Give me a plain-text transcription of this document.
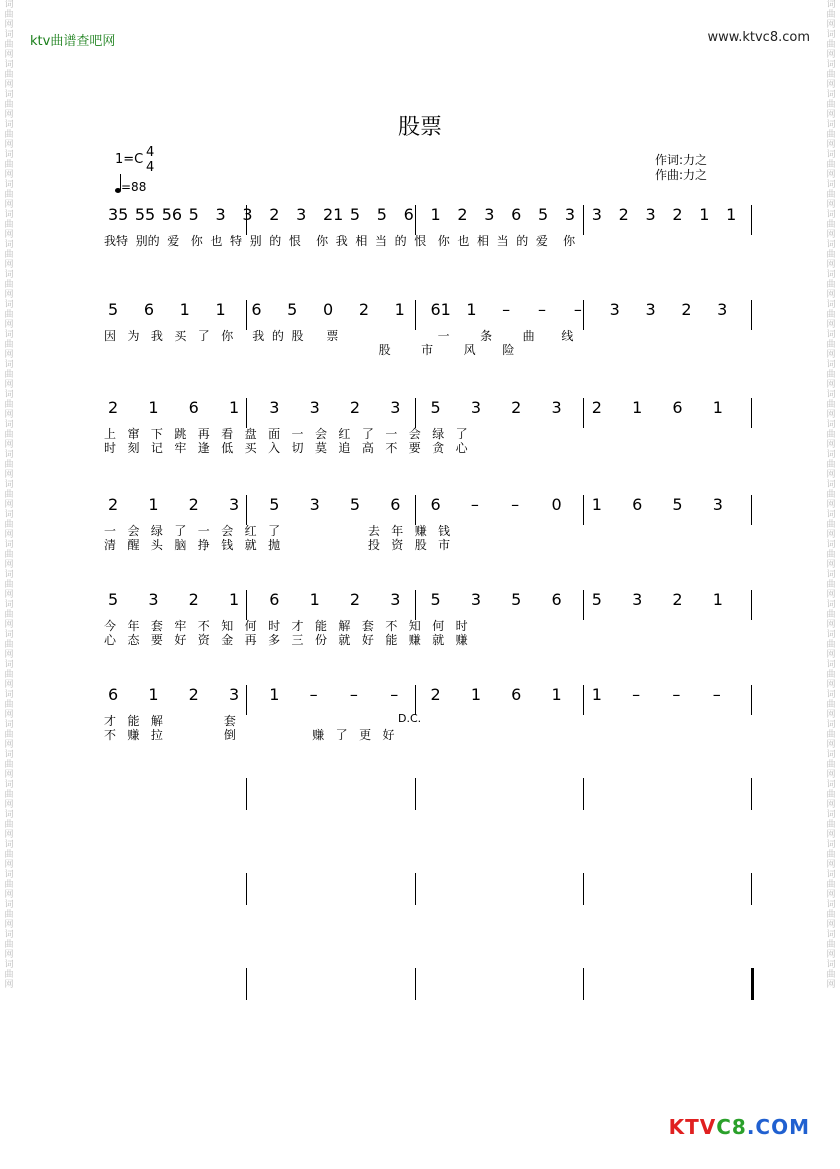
词曲网词曲网词曲网词曲网词曲网词曲网词曲网词曲网词曲网词曲网词曲网词曲网词曲网词曲网词曲网词曲网词曲网词曲网词曲网词曲网词曲网词曲网词曲网词曲网词曲网词曲网词曲网词曲网词曲网词曲网词曲网词曲网词曲网
词曲网词曲网词曲网词曲网词曲网词曲网词曲网词曲网词曲网词曲网词曲网词曲网词曲网词曲网词曲网词曲网词曲网词曲网词曲网词曲网词曲网词曲网词曲网词曲网词曲网词曲网词曲网词曲网词曲网词曲网词曲网词曲网词曲网
ktv曲谱查吧网	www.ktvc8.com
股票
1=C 4
4
=88
作词:力之
作曲:力之
35 55 56 5 3 3 2 3 21 5 5 6 1 2 3 6 5 3 3 2 3 2 1 1
我特  别的  爱   你  也  特  别  的  恨    你  我  相  当  的  恨   你  也  相  当  的  爱    你
5 6 1 1 6 5 0 2 1 61 1 – – – 3 3 2 3
因   为   我   买   了   你     我  的  股      票                          一        条        曲       线
股        市        风       险
2 1 6 1 3 3 2 3 5 3 2 3 2 1 6 1
上   窜   下   跳   再   看   盘   面   一   会   红   了   一   会   绿   了
时   刻   记   牢   逢   低   买   入   切   莫   追   高   不   要   贪   心
2 1 2 3 5 3 5 6 6 – – 0 1 6 5 3
一   会   绿   了   一   会   红   了                       去   年   赚   钱
清   醒   头   脑   挣   钱   就   抛                       投   资   股   市
5 3 2 1 6 1 2 3 5 3 5 6 5 3 2 1
今   年   套   牢   不   知   何   时   才   能   解   套   不   知   何   时
心   态   要   好   资   金   再   多   三   份   就   好   能   赚   就   赚
6 1 2 3 1 – – – 2 1 6 1 1 – – –
才   能   解                套
不   赚   拉                倒                    赚   了   更   好
D.C.
KTVC8.COM
